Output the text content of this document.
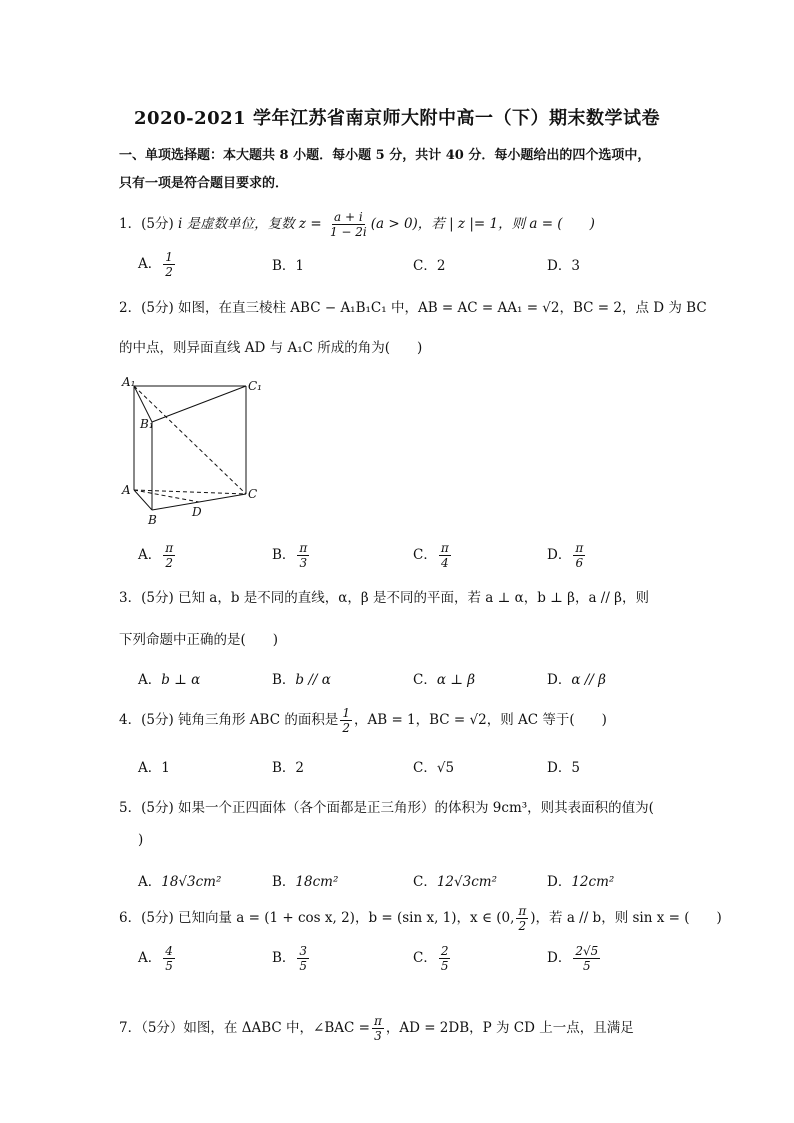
2020-2021 学年江苏省南京师大附中高一（下）期末数学试卷
一、单项选择题：本大题共 8 小题．每小题 5 分，共计 40 分．每小题给出的四个选项中，
只有一项是符合题目要求的．
1．(5分) i 是虚数单位，复数 $z = \frac{a + i}{1 - 2i} (a > 0)$，若 | z |= 1，则 a = (　　)
A． $\frac{1}{2}$	B．1	C．2	D．3
2．(5分) 如图，在直三棱柱 ABC − A₁B₁C₁ 中，AB = AC = AA₁ = √2，BC = 2，点 D 为 BC
的中点，则异面直线 AD 与 A₁C 所成的角为(　　)
A₁	C₁
B₁
A	C
B
D
A． $\frac{\pi}{2}$	B． $\frac{\pi}{3}$	C． $\frac{\pi}{4}$	D． $\frac{\pi}{6}$
3．(5分) 已知 a，b 是不同的直线，α，β 是不同的平面，若 a ⊥ α，b ⊥ β，a // β，则
下列命题中正确的是(　　)
A．b ⊥ α	B．b // α	C．α ⊥ β	D．α // β
4．(5分) 钝角三角形 ABC 的面积是 $\frac{1}{2}$ ，AB = 1，BC = √2，则 AC 等于(　　)
A．1	B．2	C．√5	D．5
5．(5分) 如果一个正四面体（各个面都是正三角形）的体积为 9cm³，则其表面积的值为(
)
A．18√3cm²	B．18cm²	C．12√3cm²	D．12cm²
6．(5分) 已知向量 a = (1 + cos x, 2)，b = (sin x, 1)，x ∈ (0, $\frac{\pi}{2}$ )，若 a // b，则 sin x = (　　)
A． $\frac{4}{5}$	B． $\frac{3}{5}$	C． $\frac{2}{5}$	D． $\frac{2√5}{5}$
7．（5分）如图，在 ΔABC 中，∠BAC = $\frac{\pi}{3}$ ，AD = 2DB，P 为 CD 上一点，且满足
